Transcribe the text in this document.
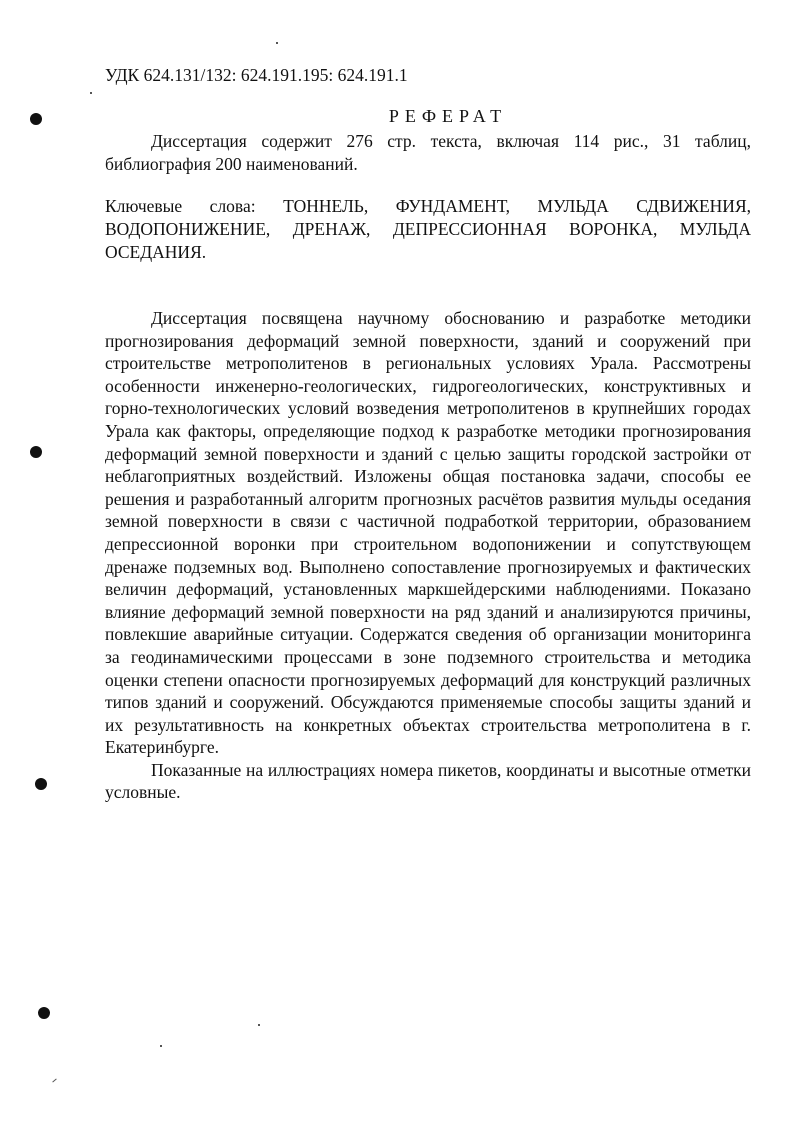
УДК 624.131/132: 624.191.195: 624.191.1
РЕФЕРАТ
Диссертация содержит 276 стр. текста, включая 114 рис., 31 таблиц, библиография 200 наименований.
Ключевые слова: ТОННЕЛЬ, ФУНДАМЕНТ, МУЛЬДА СДВИЖЕНИЯ, ВОДОПОНИЖЕНИЕ, ДРЕНАЖ, ДЕПРЕССИОННАЯ ВОРОНКА, МУЛЬДА ОСЕДАНИЯ.

Диссертация посвящена научному обоснованию и разработке методики прогнозирования деформаций земной поверхности, зданий и сооружений при строительстве метрополитенов в региональных условиях Урала. Рассмотрены особенности инженерно-геологических, гидрогеологических, конструктивных и горно-технологических условий возведения метрополитенов в крупнейших городах Урала как факторы, определяющие подход к разработке методики прогнозирования деформаций земной поверхности и зданий с целью защиты городской застройки от неблагоприятных воздействий. Изложены общая постановка задачи, способы ее решения и разработанный алгоритм прогнозных расчётов развития мульды оседания земной поверхности в связи с частичной подработкой территории, образованием депрессионной воронки при строительном водопонижении и сопутствующем дренаже подземных вод. Выполнено сопоставление прогнозируемых и фактических величин деформаций, установленных маркшейдерскими наблюдениями. Показано влияние деформаций земной поверхности на ряд зданий и анализируются причины, повлекшие аварийные ситуации. Содержатся сведения об организации мониторинга за геодинамическими процессами в зоне подземного строительства и методика оценки степени опасности прогнозируемых деформаций для конструкций различных типов зданий и сооружений. Обсуждаются применяемые способы защиты зданий и их результативность на конкретных объектах строительства метрополитена в г. Екатеринбурге.

Показанные на иллюстрациях номера пикетов, координаты и высотные отметки условные.
